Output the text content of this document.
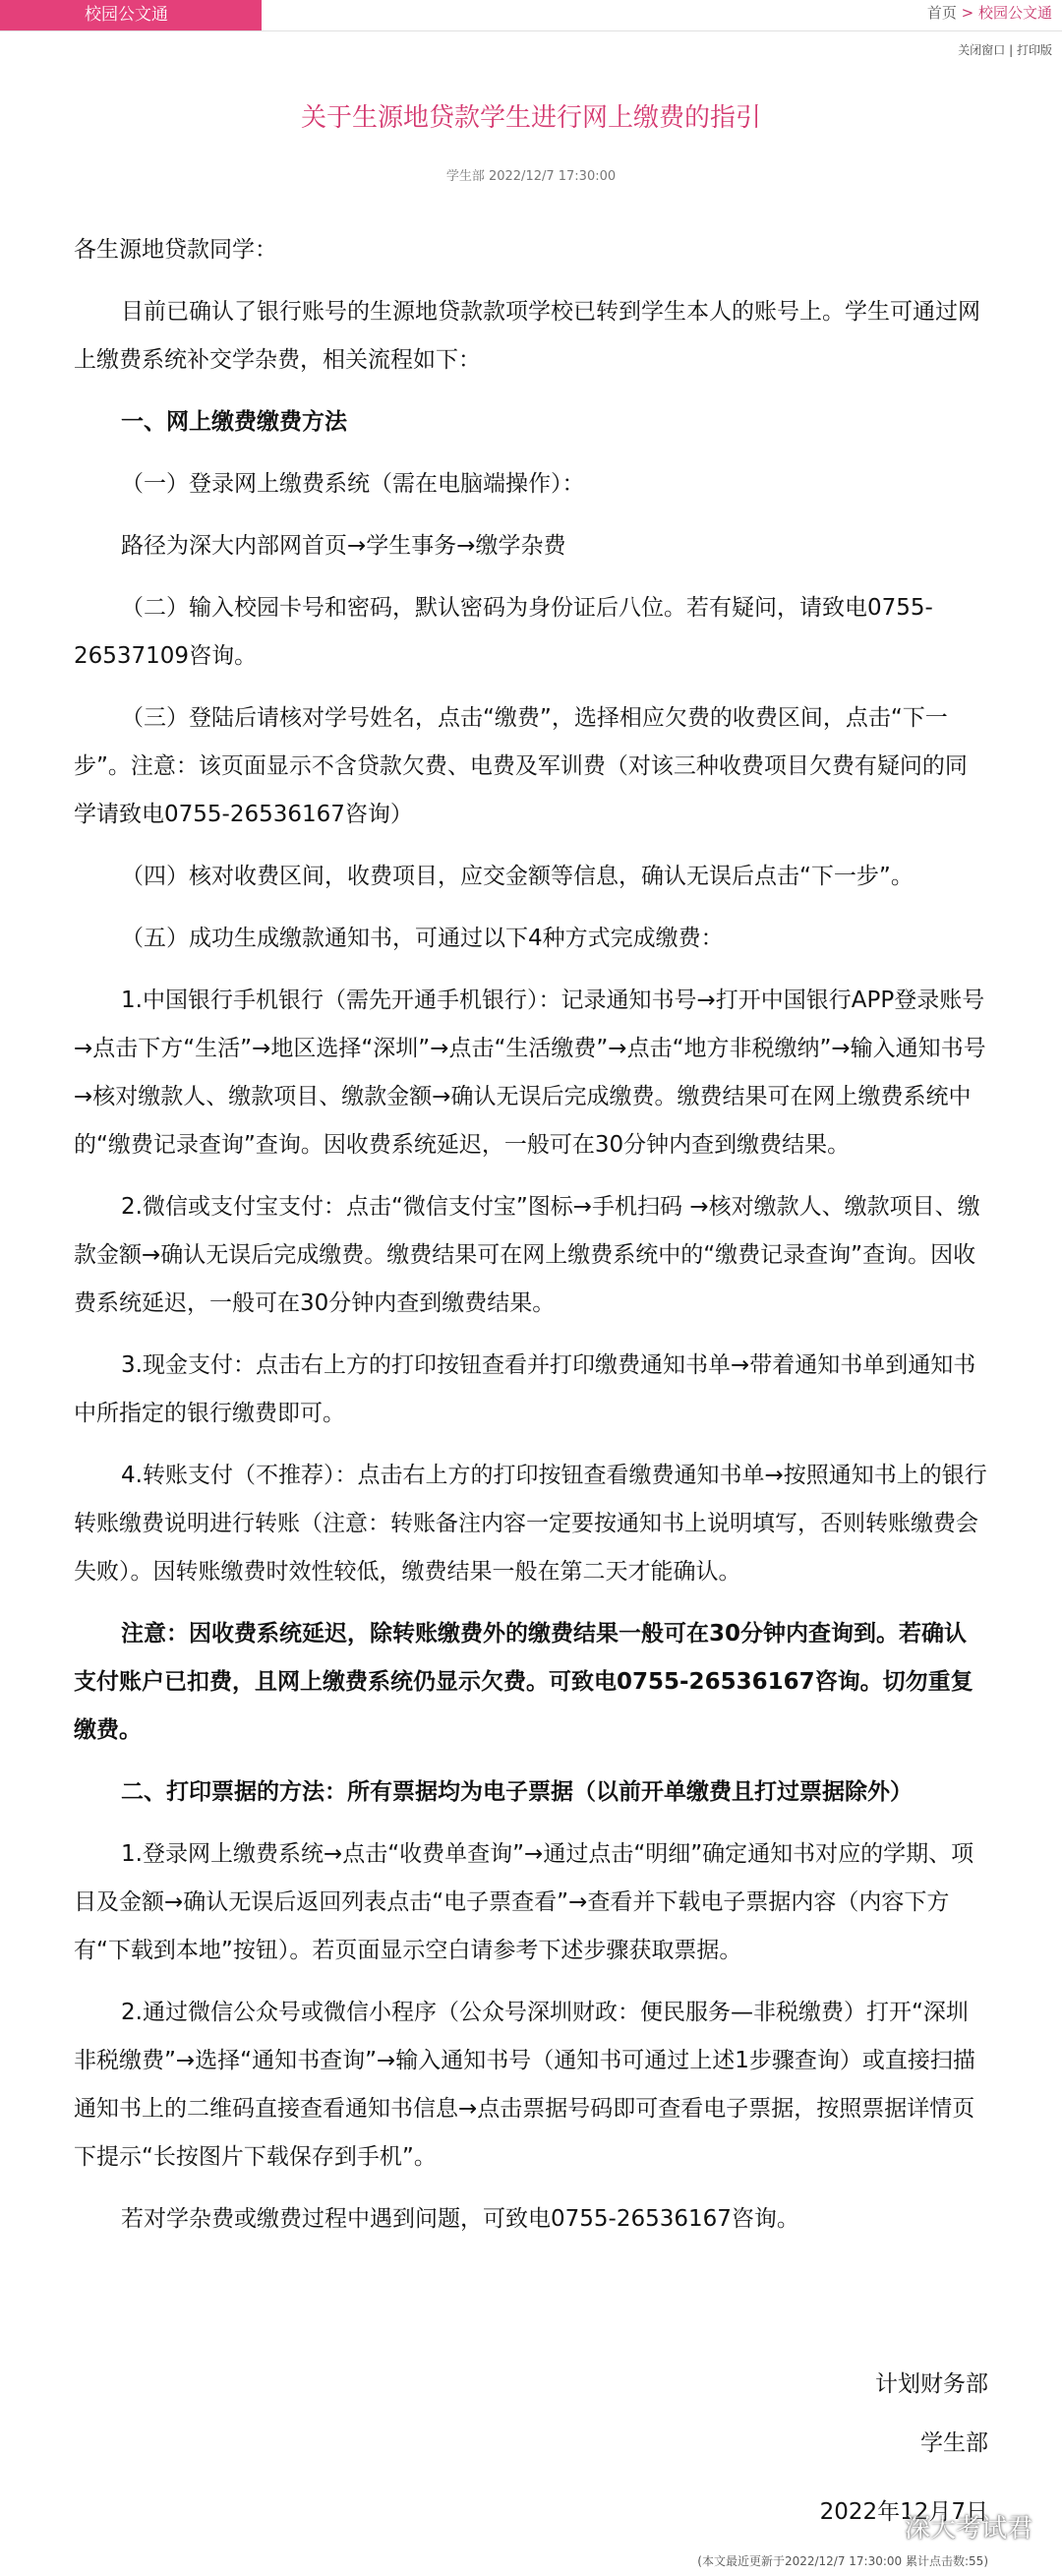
校园公文通	首页 > 校园公文通
关闭窗口 | 打印版
关于生源地贷款学生进行网上缴费的指引
学生部 2022/12/7 17:30:00

各生源地贷款同学：

目前已确认了银行账号的生源地贷款款项学校已转到学生本人的账号上。学生可通过网上缴费系统补交学杂费，相关流程如下：

一、网上缴费缴费方法

（一）登录网上缴费系统（需在电脑端操作）：

路径为深大内部网首页→学生事务→缴学杂费

（二）输入校园卡号和密码，默认密码为身份证后八位。若有疑问，请致电0755-26537109咨询。

（三）登陆后请核对学号姓名，点击“缴费”，选择相应欠费的收费区间，点击“下一步”。注意：该页面显示不含贷款欠费、电费及军训费（对该三种收费项目欠费有疑问的同学请致电0755-26536167咨询）

（四）核对收费区间，收费项目，应交金额等信息，确认无误后点击“下一步”。

（五）成功生成缴款通知书，可通过以下4种方式完成缴费：

1.中国银行手机银行（需先开通手机银行）：记录通知书号→打开中国银行APP登录账号→点击下方“生活”→地区选择“深圳”→点击“生活缴费”→点击“地方非税缴纳”→输入通知书号→核对缴款人、缴款项目、缴款金额→确认无误后完成缴费。缴费结果可在网上缴费系统中的“缴费记录查询”查询。因收费系统延迟，一般可在30分钟内查到缴费结果。

2.微信或支付宝支付：点击“微信支付宝”图标→手机扫码 →核对缴款人、缴款项目、缴款金额→确认无误后完成缴费。缴费结果可在网上缴费系统中的“缴费记录查询”查询。因收费系统延迟，一般可在30分钟内查到缴费结果。

3.现金支付：点击右上方的打印按钮查看并打印缴费通知书单→带着通知书单到通知书中所指定的银行缴费即可。

4.转账支付（不推荐）：点击右上方的打印按钮查看缴费通知书单→按照通知书上的银行转账缴费说明进行转账（注意：转账备注内容一定要按通知书上说明填写，否则转账缴费会失败）。因转账缴费时效性较低，缴费结果一般在第二天才能确认。

注意：因收费系统延迟，除转账缴费外的缴费结果一般可在30分钟内查询到。若确认支付账户已扣费，且网上缴费系统仍显示欠费。可致电0755-26536167咨询。切勿重复缴费。

二、打印票据的方法：所有票据均为电子票据（以前开单缴费且打过票据除外）

1.登录网上缴费系统→点击“收费单查询”→通过点击“明细”确定通知书对应的学期、项目及金额→确认无误后返回列表点击“电子票查看”→查看并下载电子票据内容（内容下方有“下载到本地”按钮）。若页面显示空白请参考下述步骤获取票据。

2.通过微信公众号或微信小程序（公众号深圳财政：便民服务—非税缴费）打开“深圳非税缴费”→选择“通知书查询”→输入通知书号（通知书可通过上述1步骤查询）或直接扫描通知书上的二维码直接查看通知书信息→点击票据号码即可查看电子票据，按照票据详情页下提示“长按图片下载保存到手机”。

若对学杂费或缴费过程中遇到问题，可致电0755-26536167咨询。

计划财务部
学生部
2022年12月7日
深大考试君
(本文最近更新于2022/12/7 17:30:00 累计点击数:55)
